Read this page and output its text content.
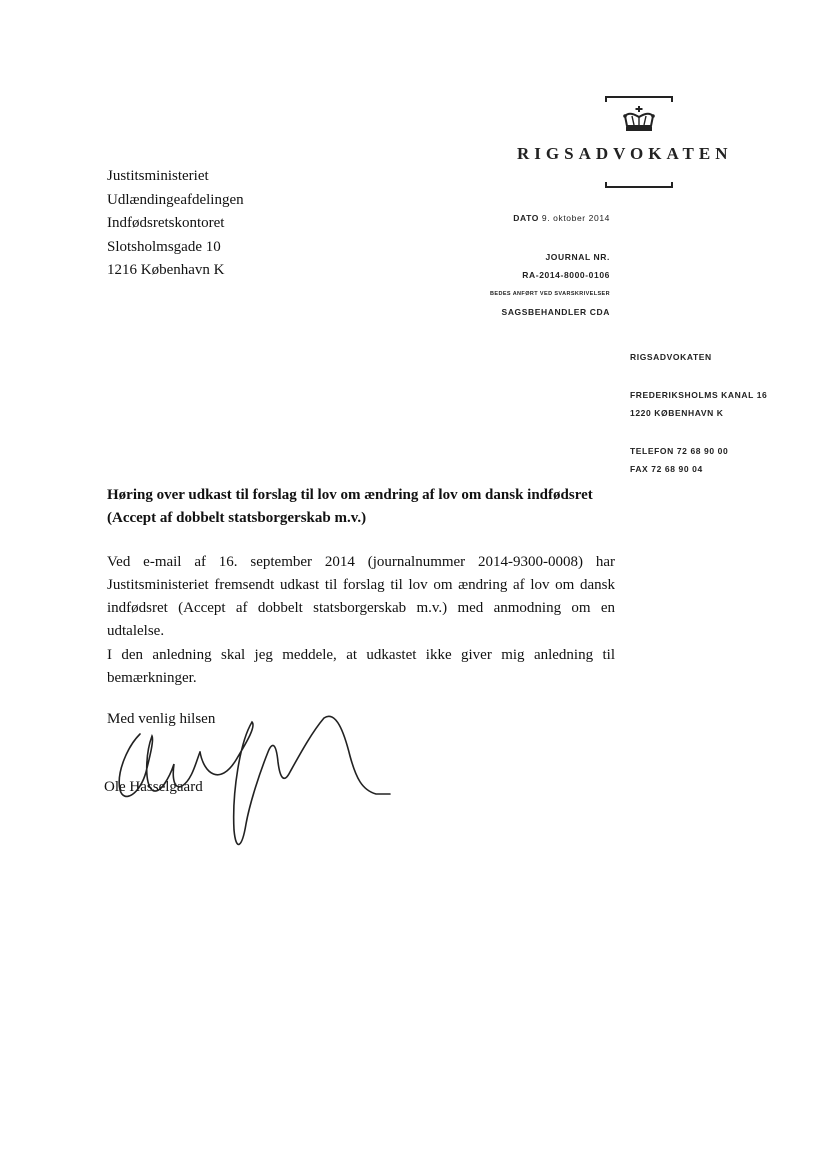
RIGSADVOKATEN
Justitsministeriet
Udlændingeafdelingen
Indfødsretskontoret
Slotsholmsgade 10
1216 København K
DATO 9. oktober 2014
JOURNAL NR.
RA-2014-8000-0106
BEDES ANFØRT VED SVARSKRIVELSER
SAGSBEHANDLER CDA
RIGSADVOKATEN
FREDERIKSHOLMS KANAL 16
1220 KØBENHAVN K
TELEFON 72 68 90 00
FAX 72 68 90 04
Høring over udkast til forslag til lov om ændring af lov om dansk indfødsret (Accept af dobbelt statsborgerskab m.v.)
Ved e-mail af 16. september 2014 (journalnummer 2014-9300-0008) har Justitsministeriet fremsendt udkast til forslag til lov om ændring af lov om dansk indfødsret (Accept af dobbelt statsborgerskab m.v.) med anmodning om en udtalelse.
I den anledning skal jeg meddele, at udkastet ikke giver mig anledning til bemærkninger.
Med venlig hilsen
Ole Hasselgaard
